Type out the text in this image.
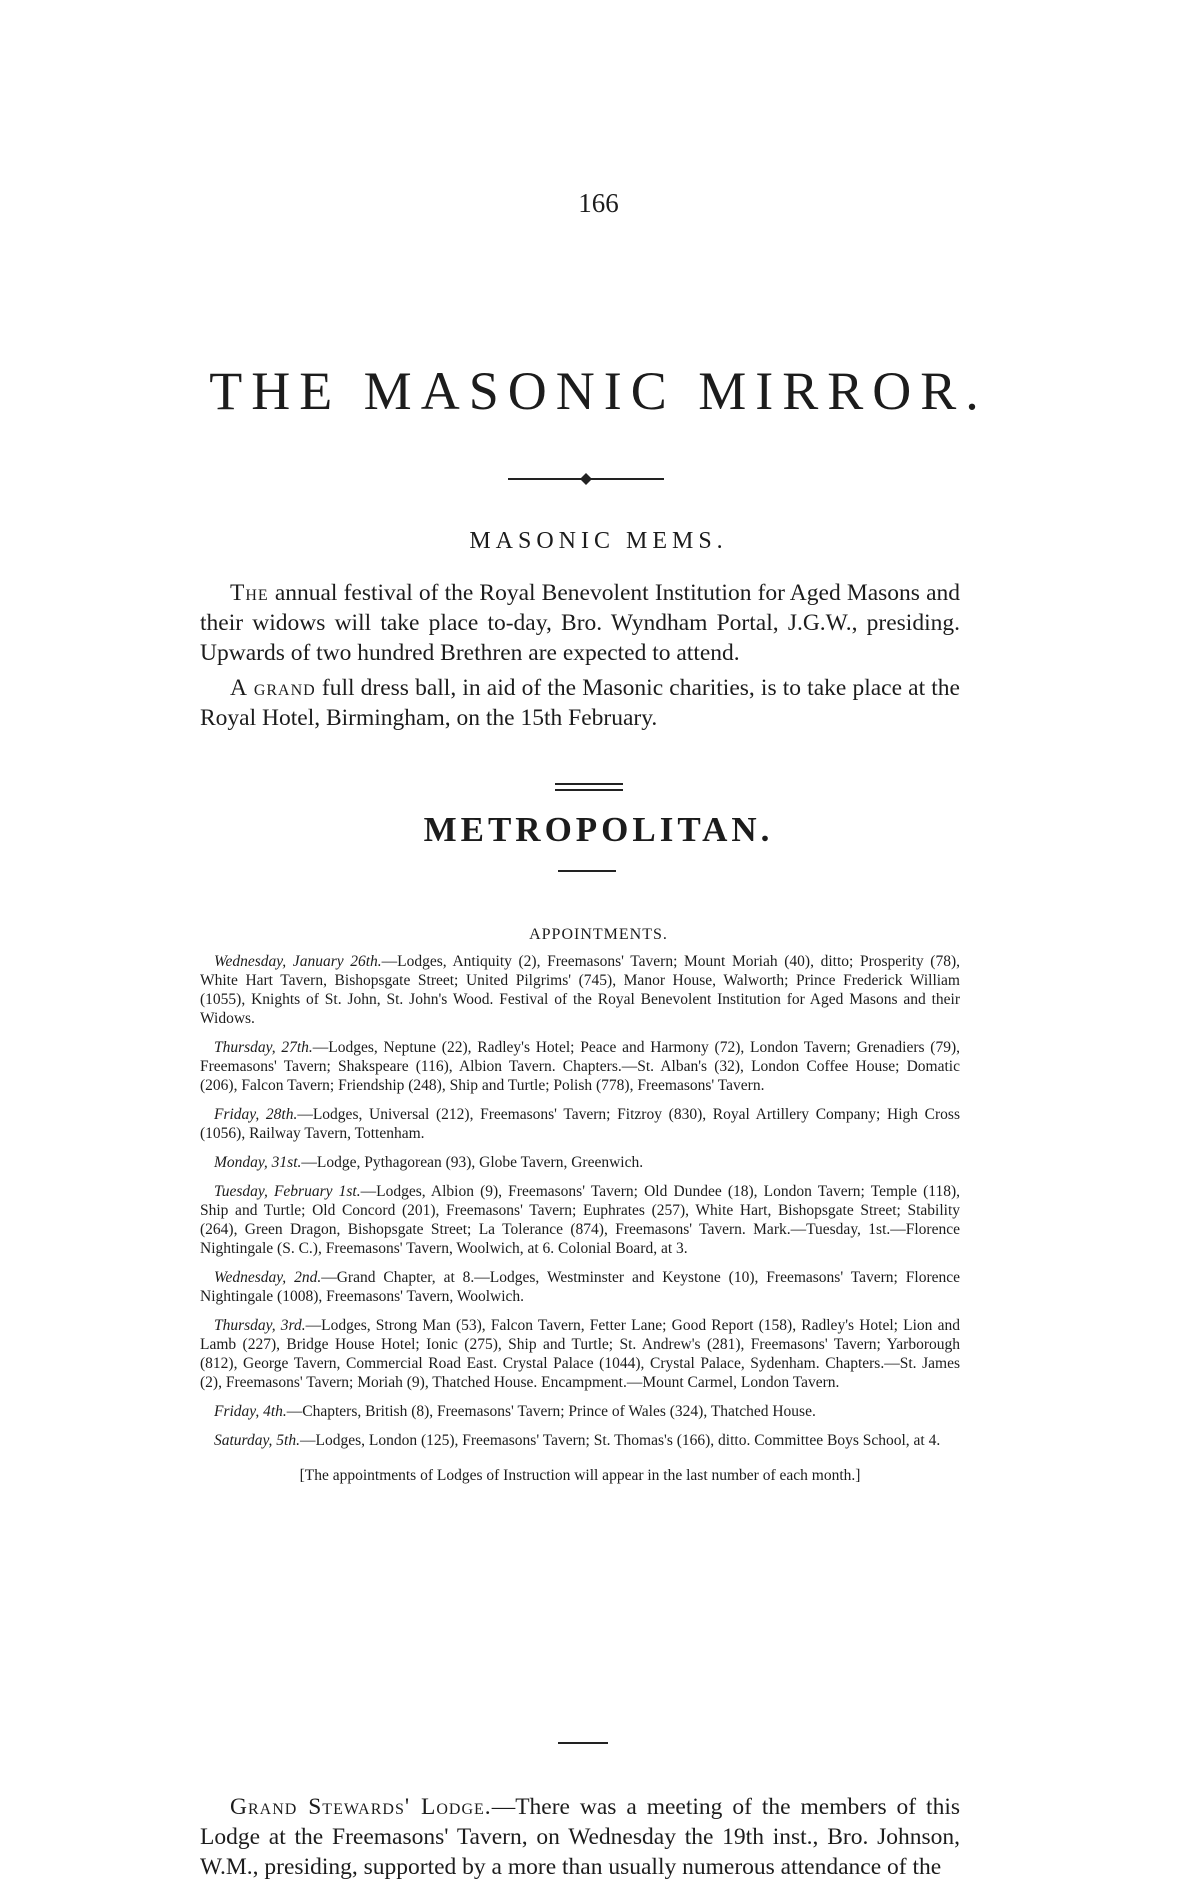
166
THE MASONIC MIRROR.
MASONIC MEMS.

The annual festival of the Royal Benevolent Institution for Aged Masons and their widows will take place to-day, Bro. Wyndham Portal, J.G.W., presiding. Upwards of two hundred Brethren are expected to attend.

A grand full dress ball, in aid of the Masonic charities, is to take place at the Royal Hotel, Birmingham, on the 15th February.

METROPOLITAN.
APPOINTMENTS.

Wednesday, January 26th.—Lodges, Antiquity (2), Freemasons' Tavern; Mount Moriah (40), ditto; Prosperity (78), White Hart Tavern, Bishopsgate Street; United Pilgrims' (745), Manor House, Walworth; Prince Frederick William (1055), Knights of St. John, St. John's Wood. Festival of the Royal Benevolent Institution for Aged Masons and their Widows.

Thursday, 27th.—Lodges, Neptune (22), Radley's Hotel; Peace and Harmony (72), London Tavern; Grenadiers (79), Freemasons' Tavern; Shakspeare (116), Albion Tavern. Chapters.—St. Alban's (32), London Coffee House; Domatic (206), Falcon Tavern; Friendship (248), Ship and Turtle; Polish (778), Freemasons' Tavern.

Friday, 28th.—Lodges, Universal (212), Freemasons' Tavern; Fitzroy (830), Royal Artillery Company; High Cross (1056), Railway Tavern, Tottenham.

Monday, 31st.—Lodge, Pythagorean (93), Globe Tavern, Greenwich.

Tuesday, February 1st.—Lodges, Albion (9), Freemasons' Tavern; Old Dundee (18), London Tavern; Temple (118), Ship and Turtle; Old Concord (201), Freemasons' Tavern; Euphrates (257), White Hart, Bishopsgate Street; Stability (264), Green Dragon, Bishopsgate Street; La Tolerance (874), Freemasons' Tavern. Mark.—Tuesday, 1st.—Florence Nightingale (S. C.), Freemasons' Tavern, Woolwich, at 6. Colonial Board, at 3.

Wednesday, 2nd.—Grand Chapter, at 8.—Lodges, Westminster and Keystone (10), Freemasons' Tavern; Florence Nightingale (1008), Freemasons' Tavern, Woolwich.

Thursday, 3rd.—Lodges, Strong Man (53), Falcon Tavern, Fetter Lane; Good Report (158), Radley's Hotel; Lion and Lamb (227), Bridge House Hotel; Ionic (275), Ship and Turtle; St. Andrew's (281), Freemasons' Tavern; Yarborough (812), George Tavern, Commercial Road East. Crystal Palace (1044), Crystal Palace, Sydenham. Chapters.—St. James (2), Freemasons' Tavern; Moriah (9), Thatched House. Encampment.—Mount Carmel, London Tavern.

Friday, 4th.—Chapters, British (8), Freemasons' Tavern; Prince of Wales (324), Thatched House.

Saturday, 5th.—Lodges, London (125), Freemasons' Tavern; St. Thomas's (166), ditto. Committee Boys School, at 4.

[The appointments of Lodges of Instruction will appear in the last number of each month.]

Grand Stewards' Lodge.—There was a meeting of the members of this Lodge at the Freemasons' Tavern, on Wednesday the 19th inst., Bro. Johnson, W.M., presiding, supported by a more than usually numerous attendance of the
